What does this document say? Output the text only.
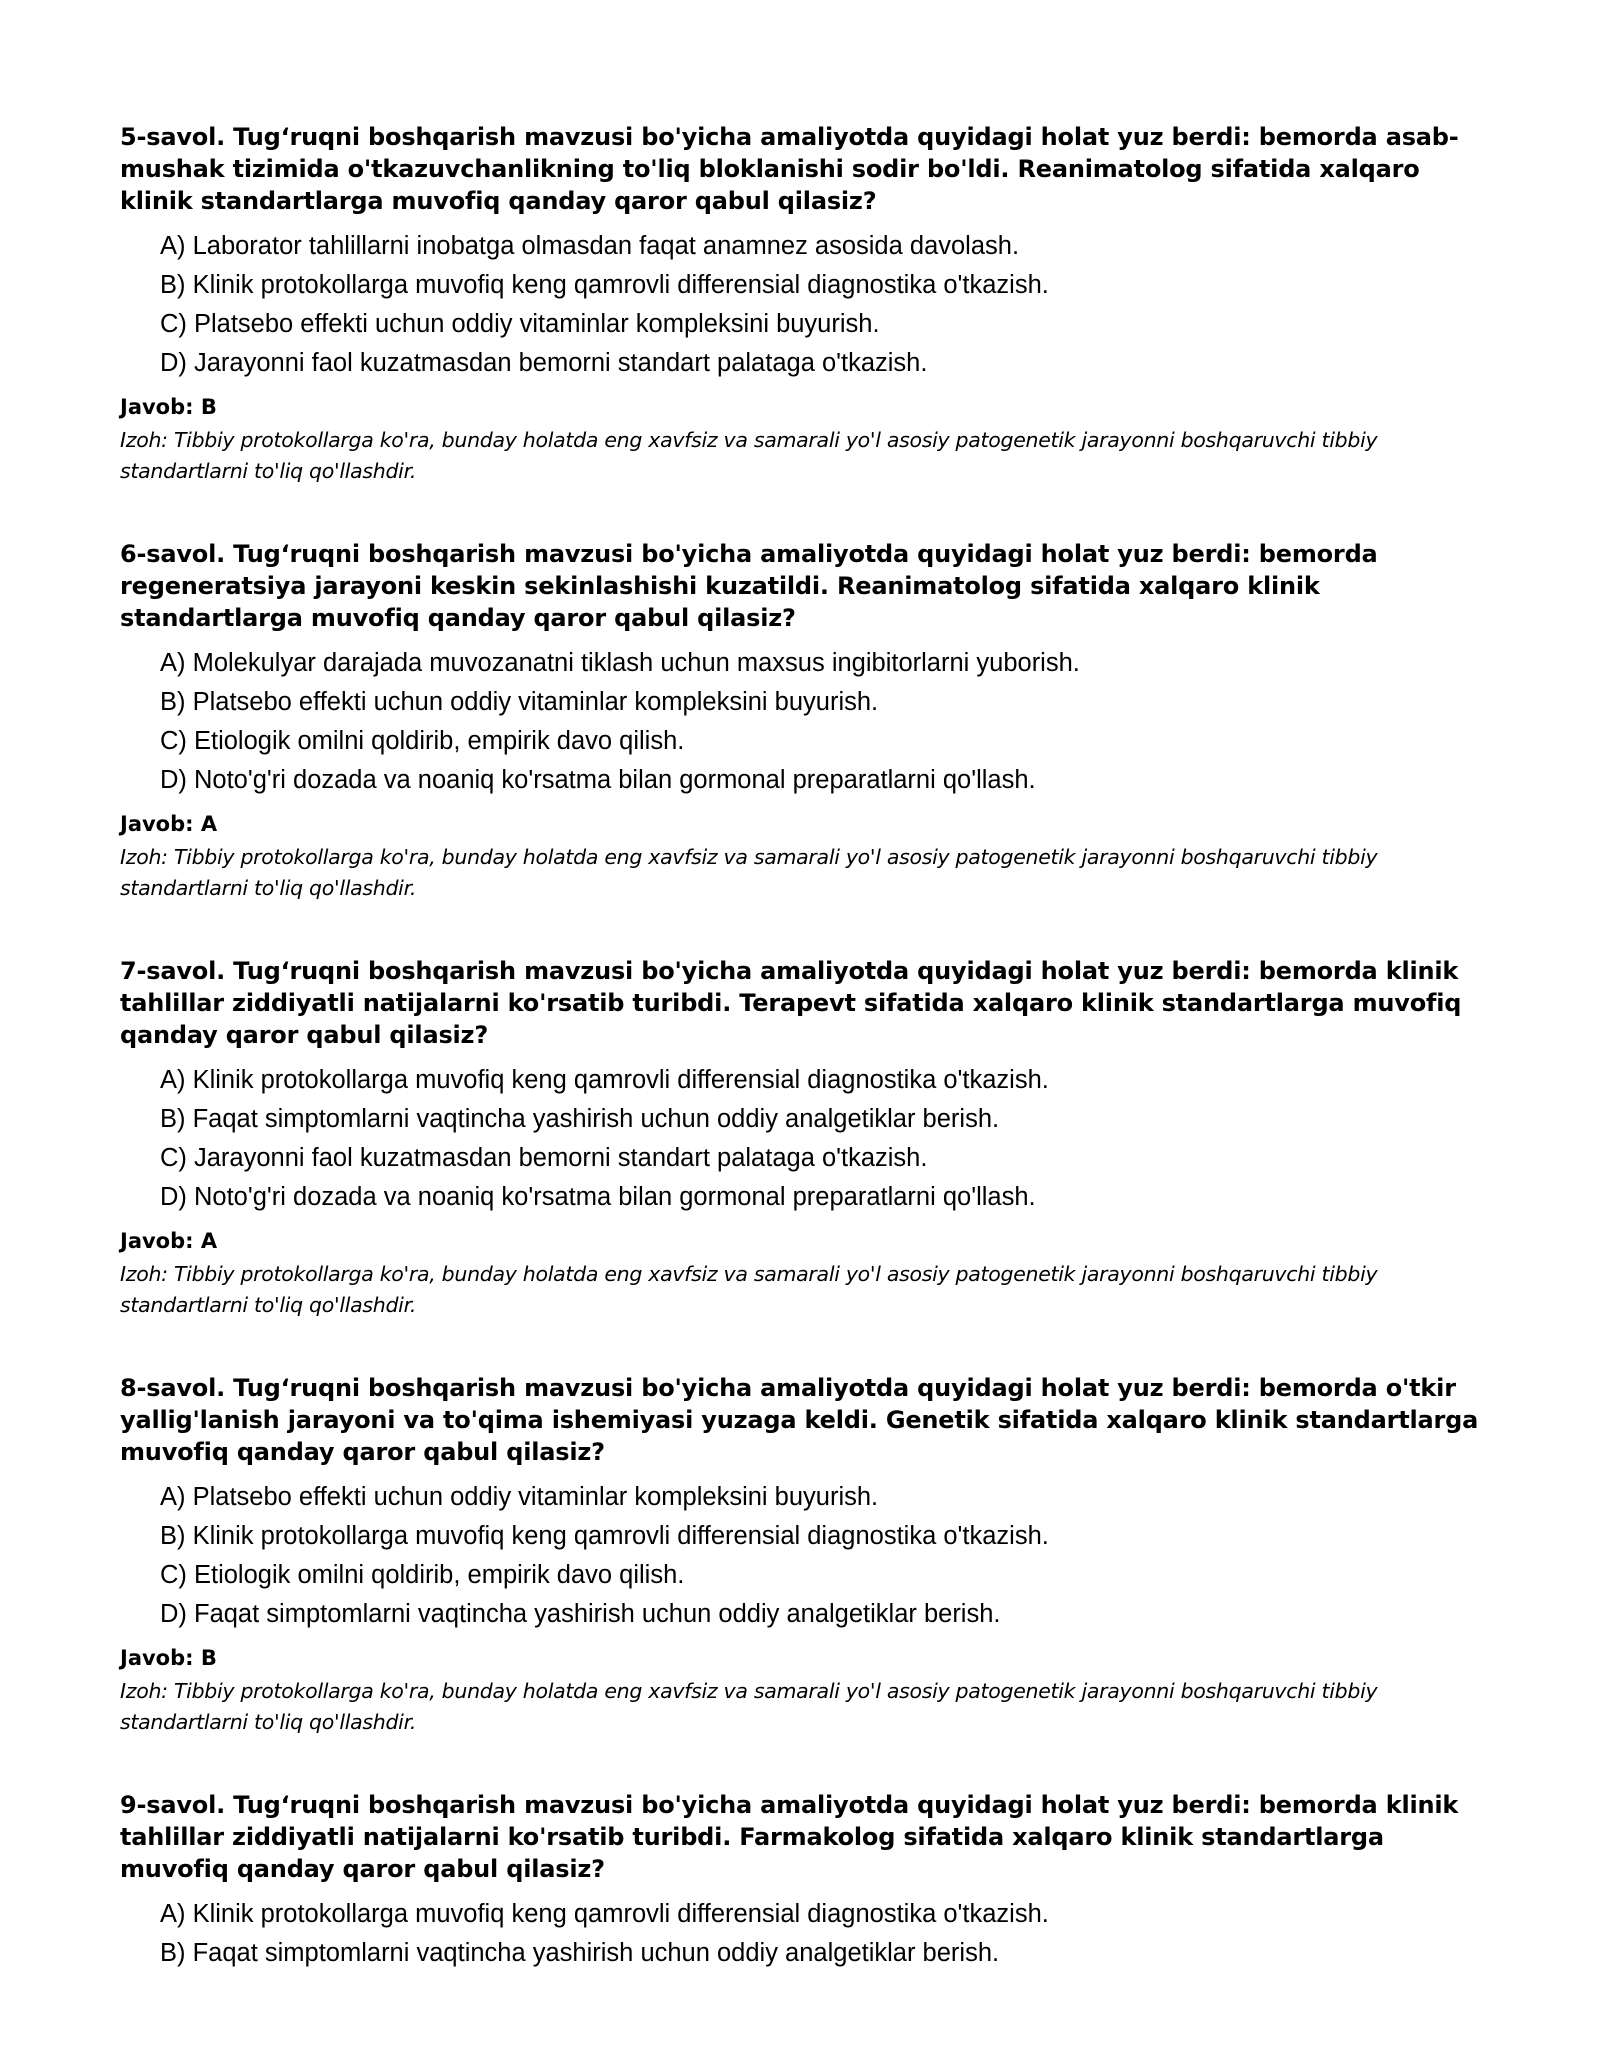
5-savol. Tug‘ruqni boshqarish mavzusi bo'yicha amaliyotda quyidagi holat yuz berdi: bemorda asab-mushak tizimida o'tkazuvchanlikning to'liq bloklanishi sodir bo'ldi. Reanimatolog sifatida xalqaro klinik standartlarga muvofiq qanday qaror qabul qilasiz?

A) Laborator tahlillarni inobatga olmasdan faqat anamnez asosida davolash.

B) Klinik protokollarga muvofiq keng qamrovli differensial diagnostika o'tkazish.

C) Platsebo effekti uchun oddiy vitaminlar kompleksini buyurish.

D) Jarayonni faol kuzatmasdan bemorni standart palataga o'tkazish.

Javob: B

Izoh: Tibbiy protokollarga ko'ra, bunday holatda eng xavfsiz va samarali yo'l asosiy patogenetik jarayonni boshqaruvchi tibbiy standartlarni to'liq qo'llashdir.

6-savol. Tug‘ruqni boshqarish mavzusi bo'yicha amaliyotda quyidagi holat yuz berdi: bemorda regeneratsiya jarayoni keskin sekinlashishi kuzatildi. Reanimatolog sifatida xalqaro klinik standartlarga muvofiq qanday qaror qabul qilasiz?

A) Molekulyar darajada muvozanatni tiklash uchun maxsus ingibitorlarni yuborish.

B) Platsebo effekti uchun oddiy vitaminlar kompleksini buyurish.

C) Etiologik omilni qoldirib, empirik davo qilish.

D) Noto'g'ri dozada va noaniq ko'rsatma bilan gormonal preparatlarni qo'llash.

Javob: A

Izoh: Tibbiy protokollarga ko'ra, bunday holatda eng xavfsiz va samarali yo'l asosiy patogenetik jarayonni boshqaruvchi tibbiy standartlarni to'liq qo'llashdir.

7-savol. Tug‘ruqni boshqarish mavzusi bo'yicha amaliyotda quyidagi holat yuz berdi: bemorda klinik tahlillar ziddiyatli natijalarni ko'rsatib turibdi. Terapevt sifatida xalqaro klinik standartlarga muvofiq qanday qaror qabul qilasiz?

A) Klinik protokollarga muvofiq keng qamrovli differensial diagnostika o'tkazish.

B) Faqat simptomlarni vaqtincha yashirish uchun oddiy analgetiklar berish.

C) Jarayonni faol kuzatmasdan bemorni standart palataga o'tkazish.

D) Noto'g'ri dozada va noaniq ko'rsatma bilan gormonal preparatlarni qo'llash.

Javob: A

Izoh: Tibbiy protokollarga ko'ra, bunday holatda eng xavfsiz va samarali yo'l asosiy patogenetik jarayonni boshqaruvchi tibbiy standartlarni to'liq qo'llashdir.

8-savol. Tug‘ruqni boshqarish mavzusi bo'yicha amaliyotda quyidagi holat yuz berdi: bemorda o'tkir yallig'lanish jarayoni va to'qima ishemiyasi yuzaga keldi. Genetik sifatida xalqaro klinik standartlarga muvofiq qanday qaror qabul qilasiz?

A) Platsebo effekti uchun oddiy vitaminlar kompleksini buyurish.

B) Klinik protokollarga muvofiq keng qamrovli differensial diagnostika o'tkazish.

C) Etiologik omilni qoldirib, empirik davo qilish.

D) Faqat simptomlarni vaqtincha yashirish uchun oddiy analgetiklar berish.

Javob: B

Izoh: Tibbiy protokollarga ko'ra, bunday holatda eng xavfsiz va samarali yo'l asosiy patogenetik jarayonni boshqaruvchi tibbiy standartlarni to'liq qo'llashdir.

9-savol. Tug‘ruqni boshqarish mavzusi bo'yicha amaliyotda quyidagi holat yuz berdi: bemorda klinik tahlillar ziddiyatli natijalarni ko'rsatib turibdi. Farmakolog sifatida xalqaro klinik standartlarga muvofiq qanday qaror qabul qilasiz?

A) Klinik protokollarga muvofiq keng qamrovli differensial diagnostika o'tkazish.

B) Faqat simptomlarni vaqtincha yashirish uchun oddiy analgetiklar berish.
